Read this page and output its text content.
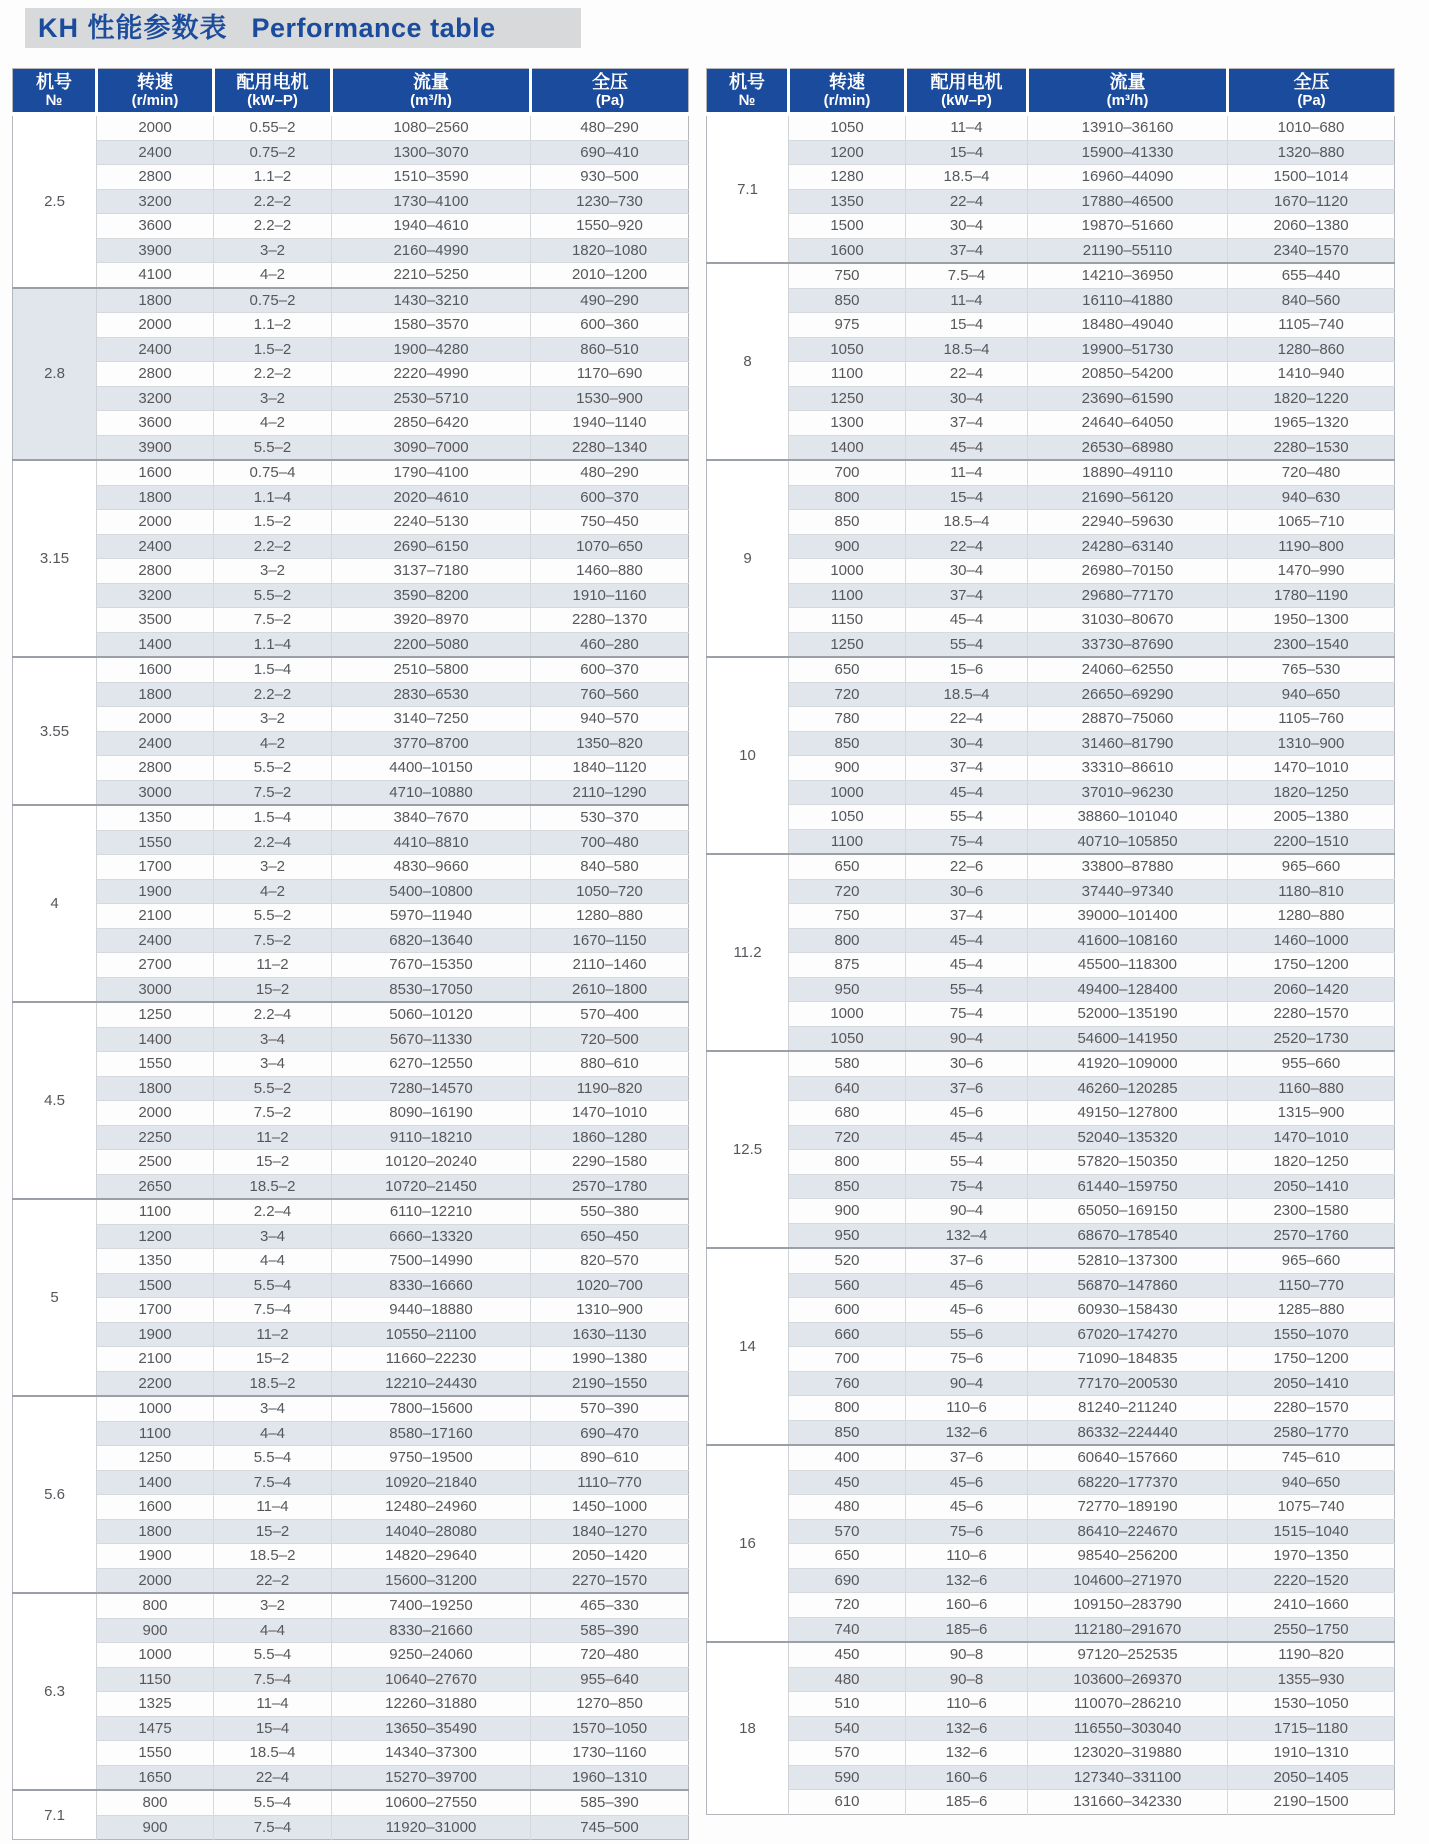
KH 性能参数表 Performance table
机号
№

转速
(r/min)

配用电机
(kW–P)

流量
(m³/h)

全压
(Pa)

2.5	2000	0.55–2	1080–2560	480–290
	2400	0.75–2	1300–3070	690–410
	2800	1.1–2	1510–3590	930–500
	3200	2.2–2	1730–4100	1230–730
	3600	2.2–2	1940–4610	1550–920
	3900	3–2	2160–4990	1820–1080
	4100	4–2	2210–5250	2010–1200
2.8	1800	0.75–2	1430–3210	490–290
	2000	1.1–2	1580–3570	600–360
	2400	1.5–2	1900–4280	860–510
	2800	2.2–2	2220–4990	1170–690
	3200	3–2	2530–5710	1530–900
	3600	4–2	2850–6420	1940–1140
	3900	5.5–2	3090–7000	2280–1340
3.15	1600	0.75–4	1790–4100	480–290
	1800	1.1–4	2020–4610	600–370
	2000	1.5–2	2240–5130	750–450
	2400	2.2–2	2690–6150	1070–650
	2800	3–2	3137–7180	1460–880
	3200	5.5–2	3590–8200	1910–1160
	3500	7.5–2	3920–8970	2280–1370
	1400	1.1–4	2200–5080	460–280
3.55	1600	1.5–4	2510–5800	600–370
	1800	2.2–2	2830–6530	760–560
	2000	3–2	3140–7250	940–570
	2400	4–2	3770–8700	1350–820
	2800	5.5–2	4400–10150	1840–1120
	3000	7.5–2	4710–10880	2110–1290
4	1350	1.5–4	3840–7670	530–370
	1550	2.2–4	4410–8810	700–480
	1700	3–2	4830–9660	840–580
	1900	4–2	5400–10800	1050–720
	2100	5.5–2	5970–11940	1280–880
	2400	7.5–2	6820–13640	1670–1150
	2700	11–2	7670–15350	2110–1460
	3000	15–2	8530–17050	2610–1800
4.5	1250	2.2–4	5060–10120	570–400
	1400	3–4	5670–11330	720–500
	1550	3–4	6270–12550	880–610
	1800	5.5–2	7280–14570	1190–820
	2000	7.5–2	8090–16190	1470–1010
	2250	11–2	9110–18210	1860–1280
	2500	15–2	10120–20240	2290–1580
	2650	18.5–2	10720–21450	2570–1780
5	1100	2.2–4	6110–12210	550–380
	1200	3–4	6660–13320	650–450
	1350	4–4	7500–14990	820–570
	1500	5.5–4	8330–16660	1020–700
	1700	7.5–4	9440–18880	1310–900
	1900	11–2	10550–21100	1630–1130
	2100	15–2	11660–22230	1990–1380
	2200	18.5–2	12210–24430	2190–1550
5.6	1000	3–4	7800–15600	570–390
	1100	4–4	8580–17160	690–470
	1250	5.5–4	9750–19500	890–610
	1400	7.5–4	10920–21840	1110–770
	1600	11–4	12480–24960	1450–1000
	1800	15–2	14040–28080	1840–1270
	1900	18.5–2	14820–29640	2050–1420
	2000	22–2	15600–31200	2270–1570
6.3	800	3–2	7400–19250	465–330
	900	4–4	8330–21660	585–390
	1000	5.5–4	9250–24060	720–480
	1150	7.5–4	10640–27670	955–640
	1325	11–4	12260–31880	1270–850
	1475	15–4	13650–35490	1570–1050
	1550	18.5–4	14340–37300	1730–1160
	1650	22–4	15270–39700	1960–1310
7.1	800	5.5–4	10600–27550	585–390
	900	7.5–4	11920–31000	745–500
机号
№

转速
(r/min)

配用电机
(kW–P)

流量
(m³/h)

全压
(Pa)

7.1	1050	11–4	13910–36160	1010–680
	1200	15–4	15900–41330	1320–880
	1280	18.5–4	16960–44090	1500–1014
	1350	22–4	17880–46500	1670–1120
	1500	30–4	19870–51660	2060–1380
	1600	37–4	21190–55110	2340–1570
8	750	7.5–4	14210–36950	655–440
	850	11–4	16110–41880	840–560
	975	15–4	18480–49040	1105–740
	1050	18.5–4	19900–51730	1280–860
	1100	22–4	20850–54200	1410–940
	1250	30–4	23690–61590	1820–1220
	1300	37–4	24640–64050	1965–1320
	1400	45–4	26530–68980	2280–1530
9	700	11–4	18890–49110	720–480
	800	15–4	21690–56120	940–630
	850	18.5–4	22940–59630	1065–710
	900	22–4	24280–63140	1190–800
	1000	30–4	26980–70150	1470–990
	1100	37–4	29680–77170	1780–1190
	1150	45–4	31030–80670	1950–1300
	1250	55–4	33730–87690	2300–1540
10	650	15–6	24060–62550	765–530
	720	18.5–4	26650–69290	940–650
	780	22–4	28870–75060	1105–760
	850	30–4	31460–81790	1310–900
	900	37–4	33310–86610	1470–1010
	1000	45–4	37010–96230	1820–1250
	1050	55–4	38860–101040	2005–1380
	1100	75–4	40710–105850	2200–1510
11.2	650	22–6	33800–87880	965–660
	720	30–6	37440–97340	1180–810
	750	37–4	39000–101400	1280–880
	800	45–4	41600–108160	1460–1000
	875	45–4	45500–118300	1750–1200
	950	55–4	49400–128400	2060–1420
	1000	75–4	52000–135190	2280–1570
	1050	90–4	54600–141950	2520–1730
12.5	580	30–6	41920–109000	955–660
	640	37–6	46260–120285	1160–880
	680	45–6	49150–127800	1315–900
	720	45–4	52040–135320	1470–1010
	800	55–4	57820–150350	1820–1250
	850	75–4	61440–159750	2050–1410
	900	90–4	65050–169150	2300–1580
	950	132–4	68670–178540	2570–1760
14	520	37–6	52810–137300	965–660
	560	45–6	56870–147860	1150–770
	600	45–6	60930–158430	1285–880
	660	55–6	67020–174270	1550–1070
	700	75–6	71090–184835	1750–1200
	760	90–4	77170–200530	2050–1410
	800	110–6	81240–211240	2280–1570
	850	132–6	86332–224440	2580–1770
16	400	37–6	60640–157660	745–610
	450	45–6	68220–177370	940–650
	480	45–6	72770–189190	1075–740
	570	75–6	86410–224670	1515–1040
	650	110–6	98540–256200	1970–1350
	690	132–6	104600–271970	2220–1520
	720	160–6	109150–283790	2410–1660
	740	185–6	112180–291670	2550–1750
18	450	90–8	97120–252535	1190–820
	480	90–8	103600–269370	1355–930
	510	110–6	110070–286210	1530–1050
	540	132–6	116550–303040	1715–1180
	570	132–6	123020–319880	1910–1310
	590	160–6	127340–331100	2050–1405
	610	185–6	131660–342330	2190–1500
